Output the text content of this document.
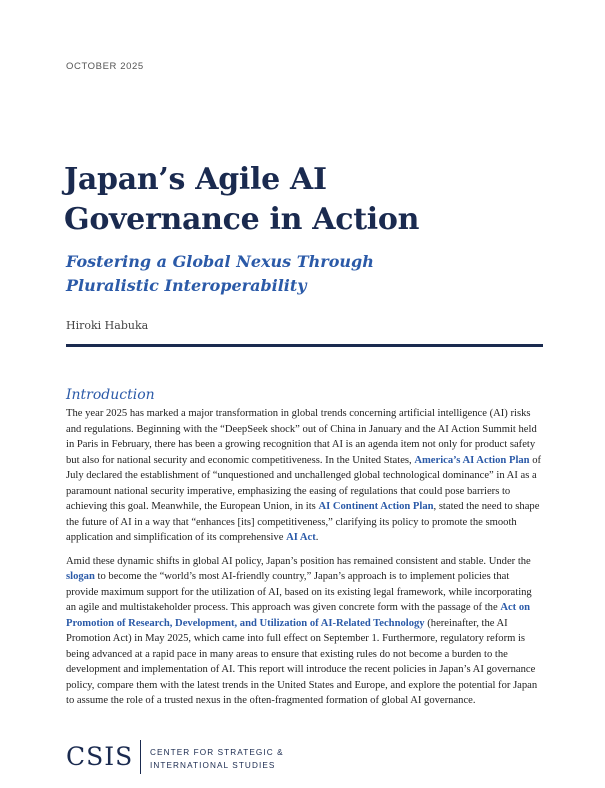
OCTOBER 2025
Japan’s Agile AI
Governance in Action
Fostering a Global Nexus Through
Pluralistic Interoperability
Hiroki Habuka
Introduction

The year 2025 has marked a major transformation in global trends concerning artificial intelligence (AI) risks and regulations. Beginning with the “DeepSeek shock” out of China in January and the AI Action Summit held in Paris in February, there has been a growing recognition that AI is an agenda item not only for product safety but also for national security and economic competitiveness. In the United States, America’s AI Action Plan of July declared the establishment of “unquestioned and unchallenged global technological dominance” in AI as a paramount national security imperative, emphasizing the easing of regulations that could pose barriers to achieving this goal. Meanwhile, the European Union, in its AI Continent Action Plan, stated the need to shape the future of AI in a way that “enhances [its] competitiveness,” clarifying its policy to promote the smooth application and simplification of its comprehensive AI Act.

Amid these dynamic shifts in global AI policy, Japan’s position has remained consistent and stable. Under the slogan to become the “world’s most AI-friendly country,” Japan’s approach is to implement policies that provide maximum support for the utilization of AI, based on its existing legal framework, while incorporating an agile and multistakeholder process. This approach was given concrete form with the passage of the Act on Promotion of Research, Development, and Utilization of AI-Related Technology (hereinafter, the AI Promotion Act) in May 2025, which came into full effect on September 1. Furthermore, regulatory reform is being advanced at a rapid pace in many areas to ensure that existing rules do not become a burden to the development and implementation of AI. This report will introduce the recent policies in Japan’s AI governance policy, compare them with the latest trends in the United States and Europe, and explore the potential for Japan to assume the role of a trusted nexus in the often-fragmented formation of global AI governance.

CSIS CENTER FOR STRATEGIC &
INTERNATIONAL STUDIES
